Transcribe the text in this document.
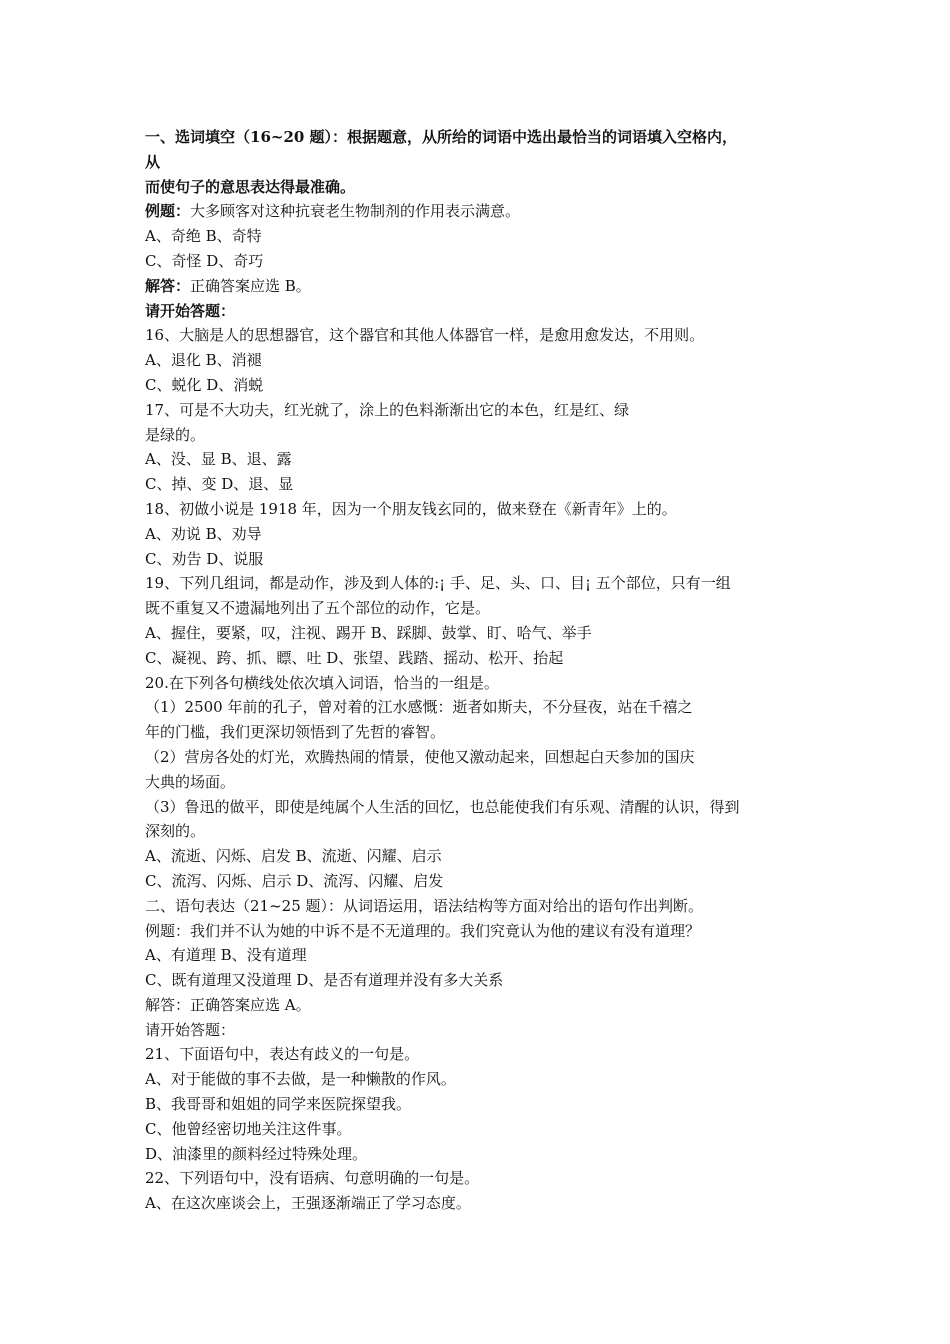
一、选词填空（16~20 题）：根据题意，从所给的词语中选出最恰当的词语填入空格内，
从
而使句子的意思表达得最准确。
例题：大多顾客对这种抗衰老生物制剂的作用表示满意。
A、奇绝 B、奇特
C、奇怪 D、奇巧
解答：正确答案应选 B。
请开始答题：
16、大脑是人的思想器官，这个器官和其他人体器官一样，是愈用愈发达，不用则。
A、退化 B、消褪
C、蜕化 D、消蜕
17、可是不大功夫，红光就了，涂上的色料渐渐出它的本色，红是红、绿
是绿的。
A、没、显 B、退、露
C、掉、变 D、退、显
18、初做小说是 1918 年，因为一个朋友钱玄同的，做来登在《新青年》上的。
A、劝说 B、劝导
C、劝告 D、说服
19、下列几组词，都是动作，涉及到人体的:¡ 手、足、头、口、目¡ 五个部位，只有一组
既不重复又不遗漏地列出了五个部位的动作，它是。
A、握住，要紧，叹，注视、踢开 B、踩脚、鼓掌、盯、哈气、举手
C、凝视、跨、抓、瞟、吐 D、张望、践踏、摇动、松开、抬起
20.在下列各句横线处依次填入词语，恰当的一组是。
（1）2500 年前的孔子，曾对着的江水感慨：逝者如斯夫，不分昼夜，站在千禧之
年的门槛，我们更深切领悟到了先哲的睿智。
（2）营房各处的灯光，欢腾热闹的情景，使他又激动起来，回想起白天参加的国庆
大典的场面。
（3）鲁迅的做平，即使是纯属个人生活的回忆，也总能使我们有乐观、清醒的认识，得到
深刻的。
A、流逝、闪烁、启发 B、流逝、闪耀、启示
C、流泻、闪烁、启示 D、流泻、闪耀、启发
二、语句表达（21~25 题）：从词语运用，语法结构等方面对给出的语句作出判断。
例题：我们并不认为她的中诉不是不无道理的。我们究竟认为他的建议有没有道理？
A、有道理 B、没有道理
C、既有道理又没道理 D、是否有道理并没有多大关系
解答：正确答案应选 A。
请开始答题：
21、下面语句中，表达有歧义的一句是。
A、对于能做的事不去做，是一种懒散的作风。
B、我哥哥和姐姐的同学来医院探望我。
C、他曾经密切地关注这件事。
D、油漆里的颜料经过特殊处理。
22、下列语句中，没有语病、句意明确的一句是。
A、在这次座谈会上，王强逐渐端正了学习态度。
